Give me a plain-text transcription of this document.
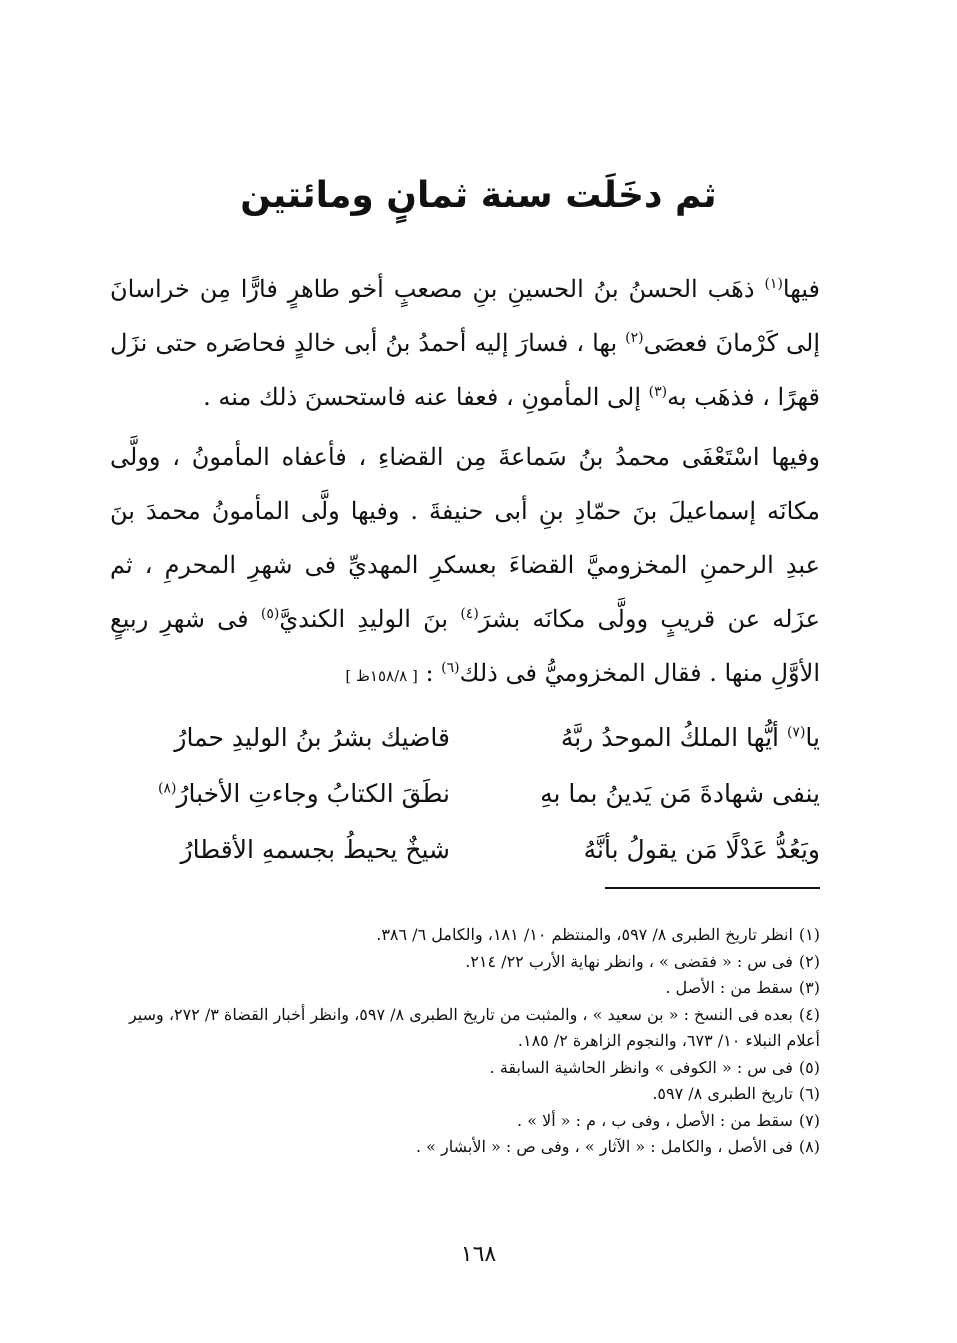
ثم دخَلَت سنة ثمانٍ ومائتين

فيها$^{(١)}$ ذهَب الحسنُ بنُ الحسينِ بنِ مصعبٍ أخو طاهرٍ فارًّا مِن خراسانَ إلى كَرْمانَ فعصَى$^{(٢)}$ بها ، فسارَ إليه أحمدُ بنُ أبى خالدٍ فحاصَره حتى نزَل قهرًا ، فذهَب به$^{(٣)}$ إلى المأمونِ ، فعفا عنه فاستحسنَ ذلك منه .

وفيها اسْتَعْفَى محمدُ بنُ سَماعةَ مِن القضاءِ ، فأعفاه المأمونُ ، وولَّى مكانَه إسماعيلَ بنَ حمّادِ بنِ أبى حنيفةَ . وفيها ولَّى المأمونُ محمدَ بنَ عبدِ الرحمنِ المخزوميَّ القضاءَ بعسكرِ المهديِّ فى شهرِ المحرمِ ، ثم عزَله عن قريبٍ وولَّى مكانَه بشرَ$^{(٤)}$ بنَ الوليدِ الكنديَّ$^{(٥)}$ فى شهرِ ربيعٍ الأوَّلِ منها . فقال المخزوميُّ فى ذلك$^{(٦)}$ : [ ١٥٨/٨ظ ]

يا$^{(٧)}$ أيُّها الملكُ الموحدُ ربَّهُ
قاضيك بشرُ بنُ الوليدِ حمارُ
ينفى شهادةَ مَن يَدينُ بما بهِ
نطَقَ الكتابُ وجاءتِ الأخبارُ$^{(٨)}$
ويَعُدُّ عَدْلًا مَن يقولُ بأنَّهُ
شيخٌ يحيطُ بجسمهِ الأقطارُ

(١)انظر تاريخ الطبرى ٨/ ٥٩٧، والمنتظم ١٠/ ١٨١، والكامل ٦/ ٣٨٦.

(٢)فى س : « فقضى » ، وانظر نهاية الأرب ٢٢/ ٢١٤.

(٣)سقط من : الأصل .

(٤)بعده فى النسخ : « بن سعيد » ، والمثبت من تاريخ الطبرى ٨/ ٥٩٧، وانظر أخبار القضاة ٣/ ٢٧٢، وسير أعلام النبلاء ١٠/ ٦٧٣، والنجوم الزاهرة ٢/ ١٨٥.

(٥)فى س : « الكوفى » وانظر الحاشية السابقة .

(٦)تاريخ الطبرى ٨/ ٥٩٧.

(٧)سقط من : الأصل ، وفى ب ، م : « ألا » .

(٨)فى الأصل ، والكامل : « الآثار » ، وفى ص : « الأبشار » .

١٦٨
